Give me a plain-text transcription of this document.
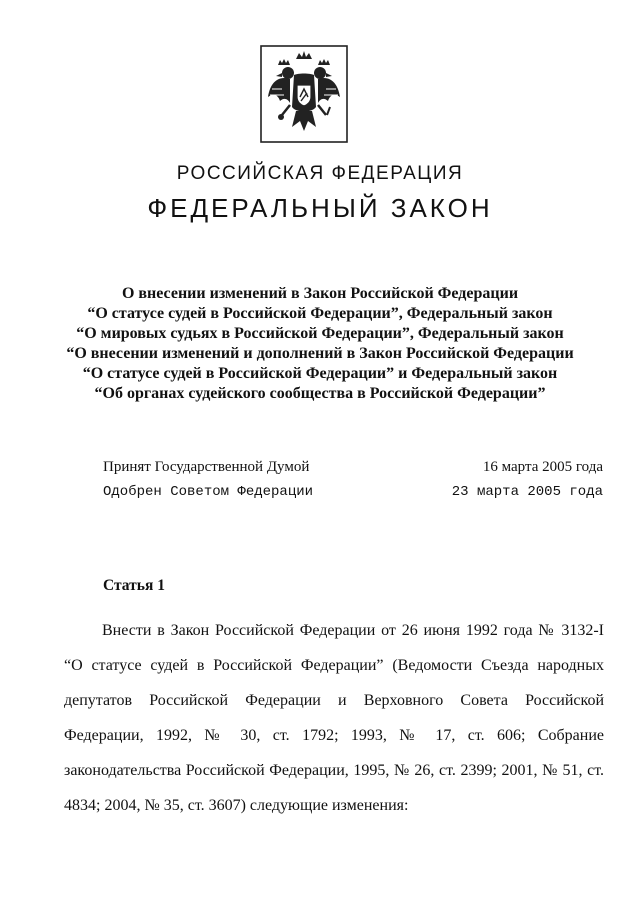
РОССИЙСКАЯ ФЕДЕРАЦИЯ
ФЕДЕРАЛЬНЫЙ ЗАКОН
О внесении изменений в Закон Российской Федерации
“О статусе судей в Российской Федерации”, Федеральный закон
“О мировых судьях в Российской Федерации”, Федеральный закон
“О внесении изменений и дополнений в Закон Российской Федерации
“О статусе судей в Российской Федерации” и Федеральный закон
“Об органах судейского сообщества в Российской Федерации”
Принят Государственной Думой	16 марта 2005 года
Одобрен Советом Федерации	23 марта 2005 года
Статья 1

Внести в Закон Российской Федерации от 26 июня 1992 года № 3132-I “О статусе судей в Российской Федерации” (Ведомости Съезда народных депутатов Российской Федерации и Верховного Совета Российской Федерации, 1992, № 30, ст. 1792; 1993, № 17, ст. 606; Собрание законодательства Российской Федерации, 1995, № 26, ст. 2399; 2001, № 51, ст. 4834; 2004, № 35, ст. 3607) следующие изменения:
